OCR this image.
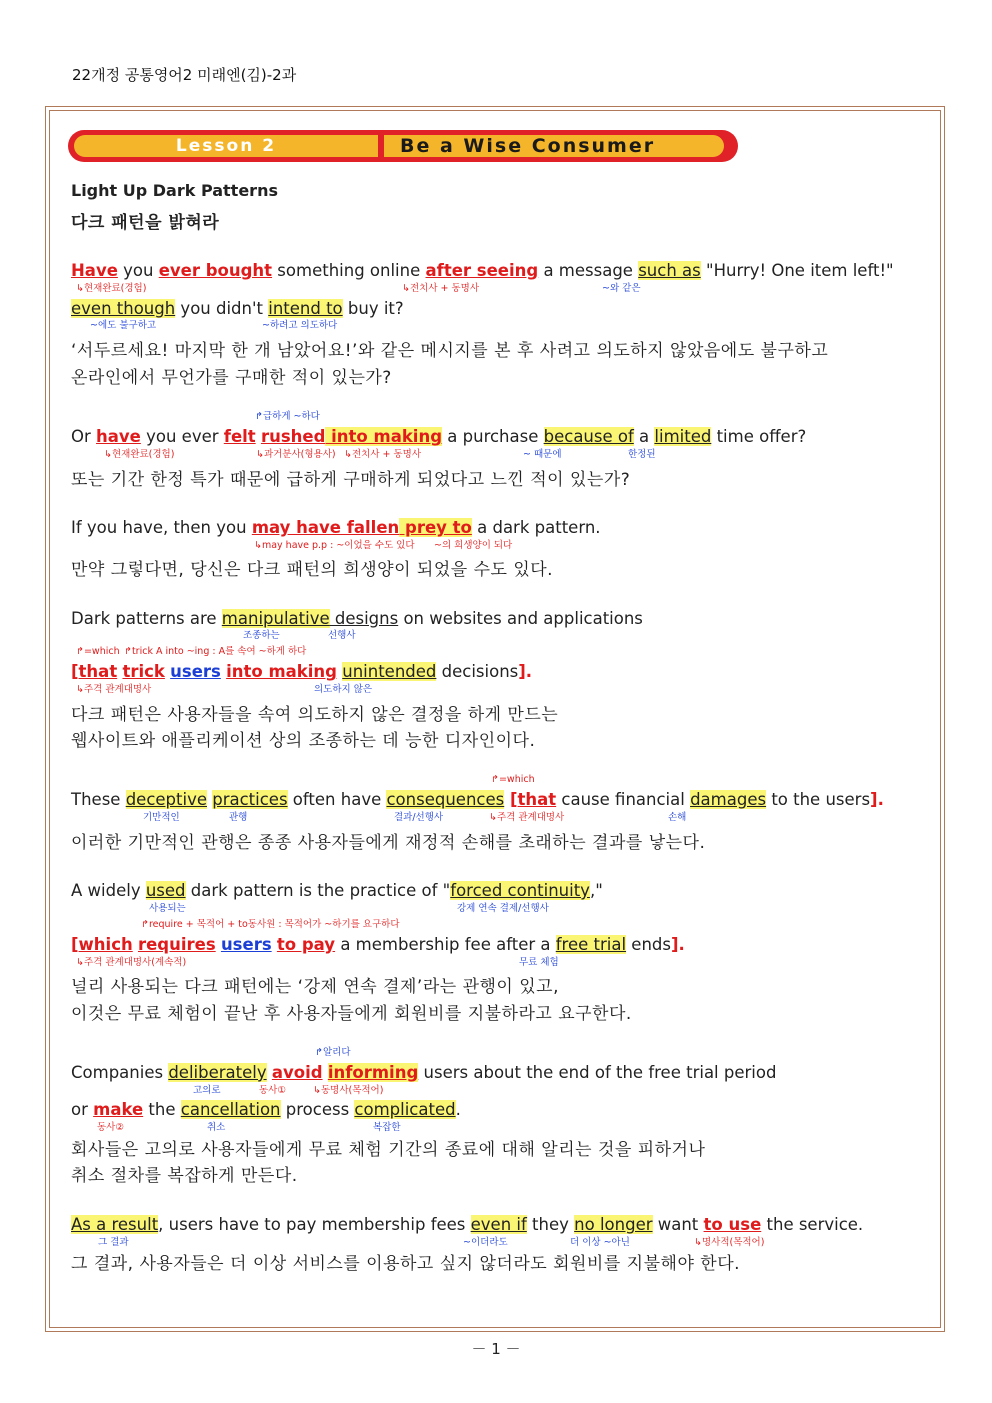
22개정 공통영어2 미래엔(김)-2과
Lesson 2	Be a Wise Consumer
Light Up Dark Patterns
다크 패턴을 밝혀라
Have you ever bought something online after seeing a message such as "Hurry! One item left!"
↳현재완료(경험)	↳전치사 + 동명사	~와 같은
even though you didn't intend to buy it?
~에도 불구하고	~하려고 의도하다
‘서두르세요! 마지막 한 개 남았어요!’와 같은 메시지를 본 후 사려고 의도하지 않았음에도 불구하고
온라인에서 무언가를 구매한 적이 있는가?
↱급하게 ~하다
Or have you ever felt rushed into making a purchase because of a limited time offer?
↳현재완료(경험)	↳과거분사(형용사) ↳전치사 + 동명사	~ 때문에	한정된
또는 기간 한정 특가 때문에 급하게 구매하게 되었다고 느낀 적이 있는가?
If you have, then you may have fallen prey to a dark pattern.
↳may have p.p : ~이었을 수도 있다 ~의 희생양이 되다
만약 그렇다면, 당신은 다크 패턴의 희생양이 되었을 수도 있다.
Dark patterns are manipulative designs on websites and applications
조종하는	선행사
↱=which ↱trick A into ~ing : A를 속여 ~하게 하다
[that trick users into making unintended decisions].
↳주격 관계대명사	의도하지 않은
다크 패턴은 사용자들을 속여 의도하지 않은 결정을 하게 만드는
웹사이트와 애플리케이션 상의 조종하는 데 능한 디자인이다.
↱=which
These deceptive practices often have consequences [that cause financial damages to the users].
기만적인	관행	결과/선행사	↳주격 관계대명사	손해
이러한 기만적인 관행은 종종 사용자들에게 재정적 손해를 초래하는 결과를 낳는다.
A widely used dark pattern is the practice of "forced continuity,"
사용되는	강제 연속 결제/선행사
↱require + 목적어 + to동사원 : 목적어가 ~하기를 요구하다
[which requires users to pay a membership fee after a free trial ends].
↳주격 관계대명사(계속적)	무료 체험
널리 사용되는 다크 패턴에는 ‘강제 연속 결제’라는 관행이 있고,
이것은 무료 체험이 끝난 후 사용자들에게 회원비를 지불하라고 요구한다.
↱알리다
Companies deliberately avoid informing users about the end of the free trial period
고의로	동사①	↳동명사(목적어)
or make the cancellation process complicated.
동사②	취소	복잡한
회사들은 고의로 사용자들에게 무료 체험 기간의 종료에 대해 알리는 것을 피하거나
취소 절차를 복잡하게 만든다.
As a result, users have to pay membership fees even if they no longer want to use the service.
그 결과	~이더라도	더 이상 ~아닌	↳명사적(목적어)
그 결과, 사용자들은 더 이상 서비스를 이용하고 싶지 않더라도 회원비를 지불해야 한다.
－ 1 －
